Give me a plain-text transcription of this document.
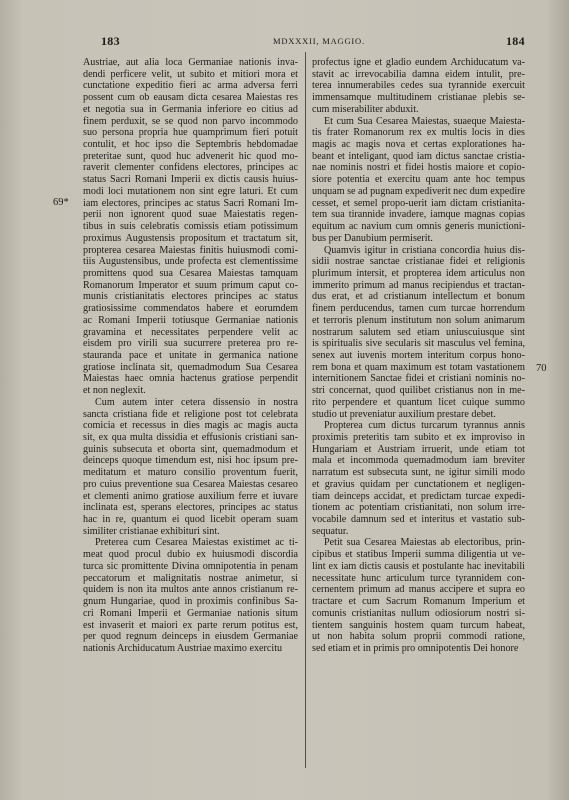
183	MDXXXII, MAGGIO.	184
69*
70
Austriae, aut alia loca Germaniae nationis inva-
dendi perficere velit, ut subito et mitiori mora et
cunctatione expeditio fieri ac arma adversa ferri
possent cum ob eausam dicta cesarea Maiestas res
et negotia sua in Germania inferiore eo citius ad
finem perduxit, se se quod non parvo incommodo
suo persona propria hue quamprimum fieri potuit
contulit, et hoc ipso die Septembris hebdomadae
preteritae sunt, quod huc advenerit hic quod mo-
raverit clementer confidens electores, principes ac
status Sacri Romani Imperii ex dictis causis huius-
modi loci mutationem non sint egre laturi. Et cum
iam electores, principes ac status Sacri Romani Im-
perii non ignorent quod suae Maiestatis regen-
tibus in suis celebratis comissis etiam potissimum
proximus Augustensis propositum et tractatum sit,
propterea cesarea Maiestas finitis huiusmodi comi-
tiis Augustensibus, unde profecta est clementissime
promittens quod sua Cesarea Maiestas tamquam
Romanorum Imperator et suum primum caput co-
munis cristianitatis electores principes ac status
gratiosissime commendatos habere et eorumdem
ac Romani Imperii totiusque Germaniae nationis
gravamina et necessitates perpendere velit ac
eisdem pro virili sua sucurrere preterea pro re-
stauranda pace et unitate in germanica natione
gratiose inclinata sit, quemadmodum Sua Cesarea
Maiestas haec omnia hactenus gratiose perpendit
et non neglexit.
Cum autem inter cetera dissensio in nostra
sancta cristiana fide et religione post tot celebrata
comicia et recessus in dies magis ac magis aucta
sit, ex qua multa dissidia et effusionis cristiani san-
guinis subsecuta et oborta sint, quemadmodum et
deinceps quoque timendum est, nisi hoc ipsum pre-
meditatum et maturo consilio proventum fuerit,
pro cuius preventione sua Cesarea Maiestas cesareo
et clementi animo gratiose auxilium ferre et iuvare
inclinata est, sperans electores, principes ac status
hac in re, quantum ei quod licebit operam suam
similiter cristianae exhibituri sint.
Preterea cum Cesarea Maiestas existimet ac ti-
meat quod procul dubio ex huiusmodi discordia
turca sic promittente Divina omnipotentia in penam
peccatorum et malignitatis nostrae animetur, si
quidem is non ita multos ante annos cristianum re-
gnum Hungariae, quod in proximis confinibus Sa-
cri Romani Imperii et Germaniae nationis situm
est invaserit et maiori ex parte rerum potitus est,
per quod regnum deinceps in eiusdem Germaniae
nationis Archiducatum Austriae maximo exercitu
profectus igne et gladio eundem Archiducatum va-
stavit ac irrevocabilia damna eidem intulit, pre-
terea innumerabiles cedes sua tyrannide exercuit
immensamque multitudinem cristianae plebis se-
cum miserabiliter abduxit.
Et cum Sua Cesarea Maiestas, suaeque Maiesta-
tis frater Romanorum rex ex multis locis in dies
magis ac magis nova et certas explorationes ha-
beant et inteligant, quod iam dictus sanctae cristia-
nae nominis nostri et fidei hostis maiore et copio-
siore potentia et exercitu quam ante hoc tempus
unquam se ad pugnam expediverit nec dum expedire
cesset, et semel propo-uerit iam dictam cristianita-
tem sua tirannide invadere, iamque magnas copias
equitum ac navium cum omnis generis munictioni-
bus per Danubium permiserit.
Quamvis igitur in cristiana concordia huius dis-
sidii nostrae sanctae cristianae fidei et religionis
plurimum intersit, et propterea idem articulus non
immerito primum ad manus recipiendus et tractan-
dus erat, et ad cristianum intellectum et bonum
finem perducendus, tamen cum turcae horrendum
et terroris plenum institutum non solum animarum
nostrarum salutem sed etiam uniuscuiusque sint
is spiritualis sive secularis sit masculus vel femina,
senex aut iuvenis mortem interitum corpus hono-
rem bona et quam maximum est totam vastationem
internitionem Sanctae fidei et cristiani nominis no-
stri concernat, quod quilibet cristianus non in me-
rito perpendere et quantum licet cuique summo
studio ut preveniatur auxilium prestare debet.
Propterea cum dictus turcarum tyrannus annis
proximis preteritis tam subito et ex improviso in
Hungariam et Austriam irruerit, unde etiam tot
mala et incommoda quemadmodum iam breviter
narratum est subsecuta sunt, ne igitur simili modo
et gravius quidam per cunctationem et negligen-
tiam deinceps accidat, et predictam turcae expedi-
tionem ac potentiam cristianitati, non solum irre-
vocabile damnum sed et interitus et vastatio sub-
sequatur.
Petit sua Cesarea Maiestas ab electoribus, prin-
cipibus et statibus Imperii summa diligentia ut ve-
lint ex iam dictis causis et postulante hac inevitabili
necessitate hunc articulum turce tyrannidem con-
cernentem primum ad manus accipere et supra eo
tractare et cum Sacrum Romanum Imperium et
comunis cristianitas nullum odiosiorum nostri si-
tientem sanguinis hostem quam turcum habeat,
ut non habita solum proprii commodi ratione,
sed etiam et in primis pro omnipotentis Dei honore
